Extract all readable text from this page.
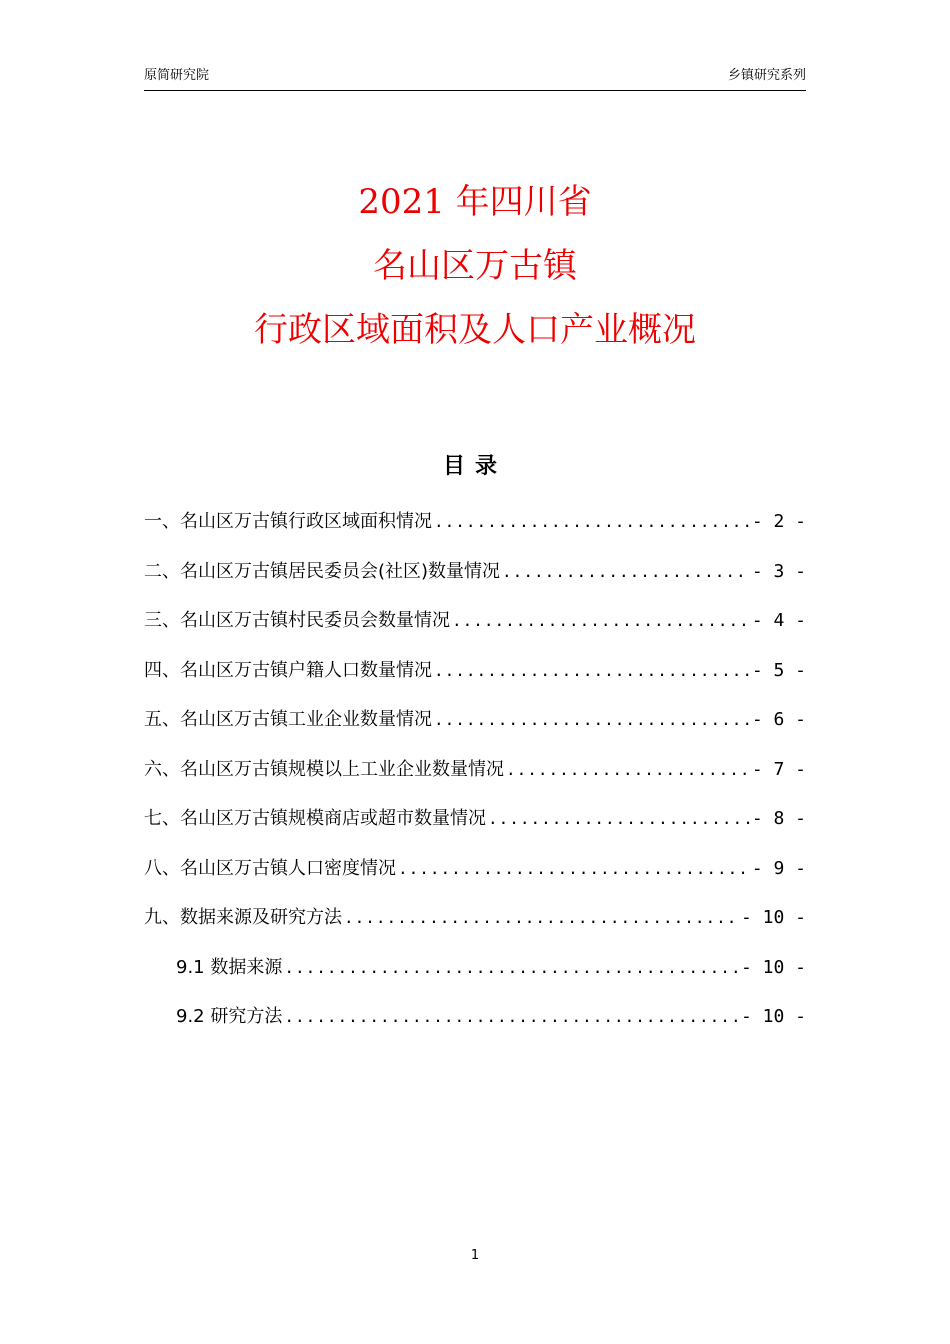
原简研究院	乡镇研究系列
2021 年四川省
名山区万古镇
行政区域面积及人口产业概况
目录
一、名山区万古镇行政区域面积情况 .....	- 2 -
二、名山区万古镇居民委员会(社区)数量情况 .....	- 3 -
三、名山区万古镇村民委员会数量情况 .....	- 4 -
四、名山区万古镇户籍人口数量情况 .....	- 5 -
五、名山区万古镇工业企业数量情况 .....	- 6 -
六、名山区万古镇规模以上工业企业数量情况 .....	- 7 -
七、名山区万古镇规模商店或超市数量情况 .....	- 8 -
八、名山区万古镇人口密度情况 .....	- 9 -
九、数据来源及研究方法 .....	- 10 -
9.1 数据来源 .....	- 10 -
9.2 研究方法 .....	- 10 -
1
